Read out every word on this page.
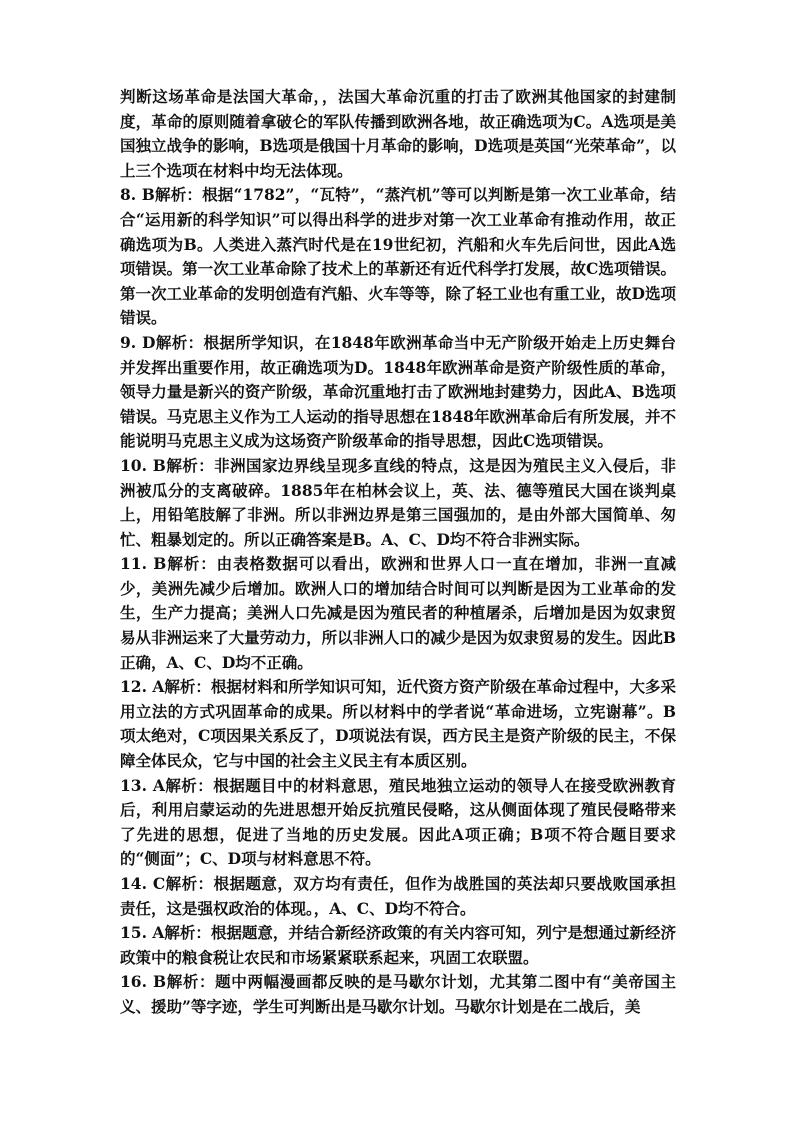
判断这场革命是法国大革命，，法国大革命沉重的打击了欧洲其他国家的封建制度，革命的原则随着拿破仑的军队传播到欧洲各地，故正确选项为C。A选项是美国独立战争的影响，B选项是俄国十月革命的影响，D选项是英国“光荣革命”，以上三个选项在材料中均无法体现。

8. B解析：根据“1782”，“瓦特”，“蒸汽机”等可以判断是第一次工业革命，结合“运用新的科学知识”可以得出科学的进步对第一次工业革命有推动作用，故正确选项为B。人类进入蒸汽时代是在19世纪初，汽船和火车先后问世，因此A选项错误。第一次工业革命除了技术上的革新还有近代科学打发展，故C选项错误。第一次工业革命的发明创造有汽船、火车等等，除了轻工业也有重工业，故D选项错误。

9. D解析：根据所学知识，在1848年欧洲革命当中无产阶级开始走上历史舞台并发挥出重要作用，故正确选项为D。1848年欧洲革命是资产阶级性质的革命，领导力量是新兴的资产阶级，革命沉重地打击了欧洲地封建势力，因此A、B选项错误。马克思主义作为工人运动的指导思想在1848年欧洲革命后有所发展，并不能说明马克思主义成为这场资产阶级革命的指导思想，因此C选项错误。

10. B解析：非洲国家边界线呈现多直线的特点，这是因为殖民主义入侵后，非洲被瓜分的支离破碎。1885年在柏林会议上，英、法、德等殖民大国在谈判桌上，用铅笔肢解了非洲。所以非洲边界是第三国强加的，是由外部大国简单、匆忙、粗暴划定的。所以正确答案是B。A、C、D均不符合非洲实际。

11. B解析：由表格数据可以看出，欧洲和世界人口一直在增加，非洲一直减少，美洲先减少后增加。欧洲人口的增加结合时间可以判断是因为工业革命的发生，生产力提高；美洲人口先减是因为殖民者的种植屠杀，后增加是因为奴隶贸易从非洲运来了大量劳动力，所以非洲人口的减少是因为奴隶贸易的发生。因此B正确，A、C、D均不正确。

12. A解析：根据材料和所学知识可知，近代资方资产阶级在革命过程中，大多采用立法的方式巩固革命的成果。所以材料中的学者说“革命进场，立宪谢幕”。B项太绝对，C项因果关系反了，D项说法有误，西方民主是资产阶级的民主，不保障全体民众，它与中国的社会主义民主有本质区别。

13. A解析：根据题目中的材料意思，殖民地独立运动的领导人在接受欧洲教育后，利用启蒙运动的先进思想开始反抗殖民侵略，这从侧面体现了殖民侵略带来了先进的思想，促进了当地的历史发展。因此A项正确；B项不符合题目要求的“侧面”；C、D项与材料意思不符。

14. C解析：根据题意，双方均有责任，但作为战胜国的英法却只要战败国承担责任，这是强权政治的体现。，A、C、D均不符合。

15. A解析：根据题意，并结合新经济政策的有关内容可知，列宁是想通过新经济政策中的粮食税让农民和市场紧紧联系起来，巩固工农联盟。

16. B解析：题中两幅漫画都反映的是马歇尔计划，尤其第二图中有“美帝国主义、援助”等字迹，学生可判断出是马歇尔计划。马歇尔计划是在二战后，美
